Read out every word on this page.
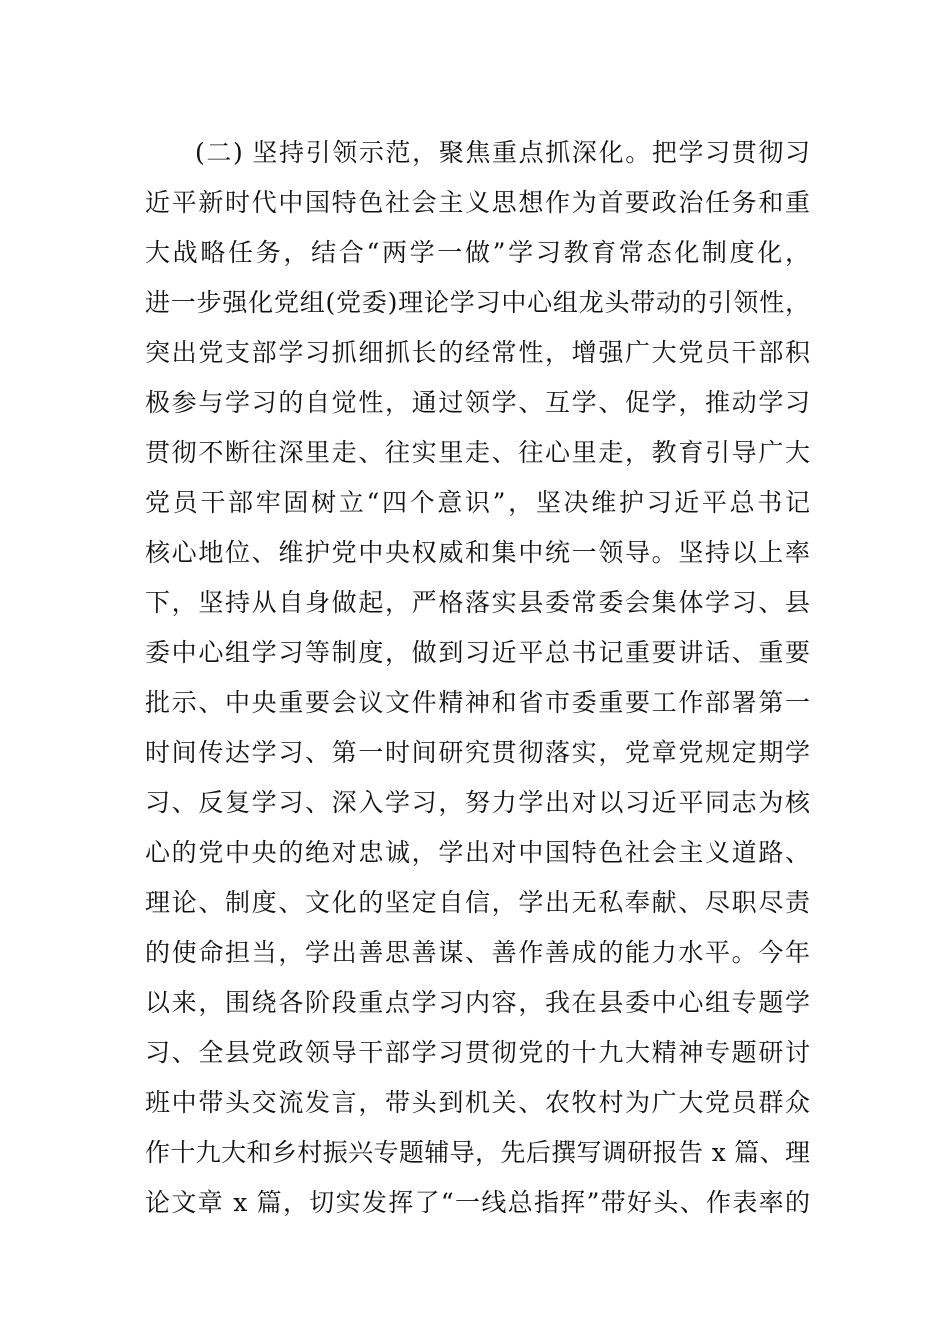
(二) 坚持引领示范，聚焦重点抓深化。把学习贯彻习
近平新时代中国特色社会主义思想作为首要政治任务和重
大战略任务，结合“两学一做”学习教育常态化制度化，
进一步强化党组(党委)理论学习中心组龙头带动的引领性，
突出党支部学习抓细抓长的经常性，增强广大党员干部积
极参与学习的自觉性，通过领学、互学、促学，推动学习
贯彻不断往深里走、往实里走、往心里走，教育引导广大
党员干部牢固树立“四个意识”，坚决维护习近平总书记
核心地位、维护党中央权威和集中统一领导。坚持以上率
下，坚持从自身做起，严格落实县委常委会集体学习、县
委中心组学习等制度，做到习近平总书记重要讲话、重要
批示、中央重要会议文件精神和省市委重要工作部署第一
时间传达学习、第一时间研究贯彻落实，党章党规定期学
习、反复学习、深入学习，努力学出对以习近平同志为核
心的党中央的绝对忠诚，学出对中国特色社会主义道路、
理论、制度、文化的坚定自信，学出无私奉献、尽职尽责
的使命担当，学出善思善谋、善作善成的能力水平。今年
以来，围绕各阶段重点学习内容，我在县委中心组专题学
习、全县党政领导干部学习贯彻党的十九大精神专题研讨
班中带头交流发言，带头到机关、农牧村为广大党员群众
作十九大和乡村振兴专题辅导，先后撰写调研报告 x 篇、理
论文章 x 篇，切实发挥了“一线总指挥”带好头、作表率的
